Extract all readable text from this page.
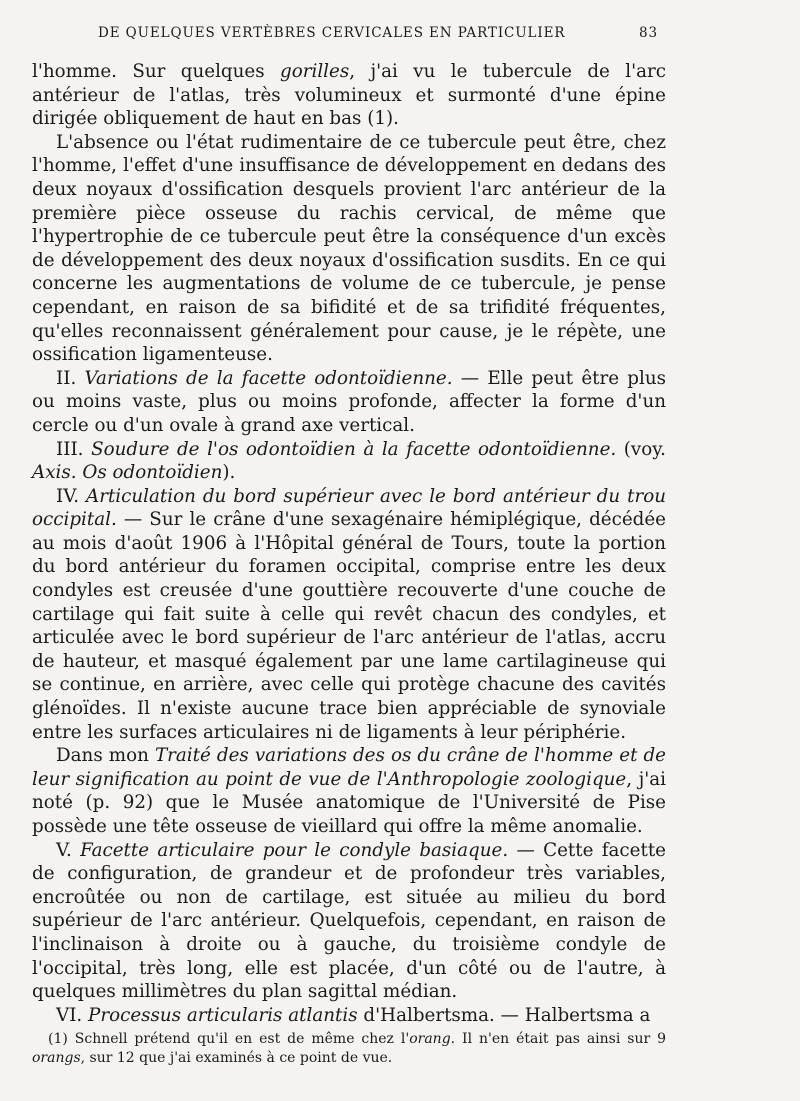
DE QUELQUES VERTÈBRES CERVICALES EN PARTICULIER	83

l'homme. Sur quelques gorilles, j'ai vu le tubercule de l'arc antérieur de l'atlas, très volumineux et surmonté d'une épine dirigée obliquement de haut en bas (1).

L'absence ou l'état rudimentaire de ce tubercule peut être, chez l'homme, l'effet d'une insuffisance de développement en dedans des deux noyaux d'ossification desquels provient l'arc antérieur de la première pièce osseuse du rachis cervical, de même que l'hypertrophie de ce tubercule peut être la conséquence d'un excès de développement des deux noyaux d'ossification susdits. En ce qui concerne les augmentations de volume de ce tubercule, je pense cependant, en raison de sa bifidité et de sa trifidité fréquentes, qu'elles reconnaissent généralement pour cause, je le répète, une ossification ligamenteuse.

II. Variations de la facette odontoïdienne. — Elle peut être plus ou moins vaste, plus ou moins profonde, affecter la forme d'un cercle ou d'un ovale à grand axe vertical.

III. Soudure de l'os odontoïdien à la facette odontoïdienne. (voy. Axis. Os odontoïdien).

IV. Articulation du bord supérieur avec le bord antérieur du trou occipital. — Sur le crâne d'une sexagénaire hémiplégique, décédée au mois d'août 1906 à l'Hôpital général de Tours, toute la portion du bord antérieur du foramen occipital, comprise entre les deux condyles est creusée d'une gouttière recouverte d'une couche de cartilage qui fait suite à celle qui revêt chacun des condyles, et articulée avec le bord supérieur de l'arc antérieur de l'atlas, accru de hauteur, et masqué également par une lame cartilagineuse qui se continue, en arrière, avec celle qui protège chacune des cavités glénoïdes. Il n'existe aucune trace bien appréciable de synoviale entre les surfaces articulaires ni de ligaments à leur périphérie.

Dans mon Traité des variations des os du crâne de l'homme et de leur signification au point de vue de l'Anthropologie zoologique, j'ai noté (p. 92) que le Musée anatomique de l'Université de Pise possède une tête osseuse de vieillard qui offre la même anomalie.

V. Facette articulaire pour le condyle basiaque. — Cette facette de configuration, de grandeur et de profondeur très variables, encroûtée ou non de cartilage, est située au milieu du bord supérieur de l'arc antérieur. Quelquefois, cependant, en raison de l'inclinaison à droite ou à gauche, du troisième condyle de l'occipital, très long, elle est placée, d'un côté ou de l'autre, à quelques millimètres du plan sagittal médian.

VI. Processus articularis atlantis d'Halbertsma. — Halbertsma a

(1) Schnell prétend qu'il en est de même chez l'orang. Il n'en était pas ainsi sur 9 orangs, sur 12 que j'ai examinés à ce point de vue.
